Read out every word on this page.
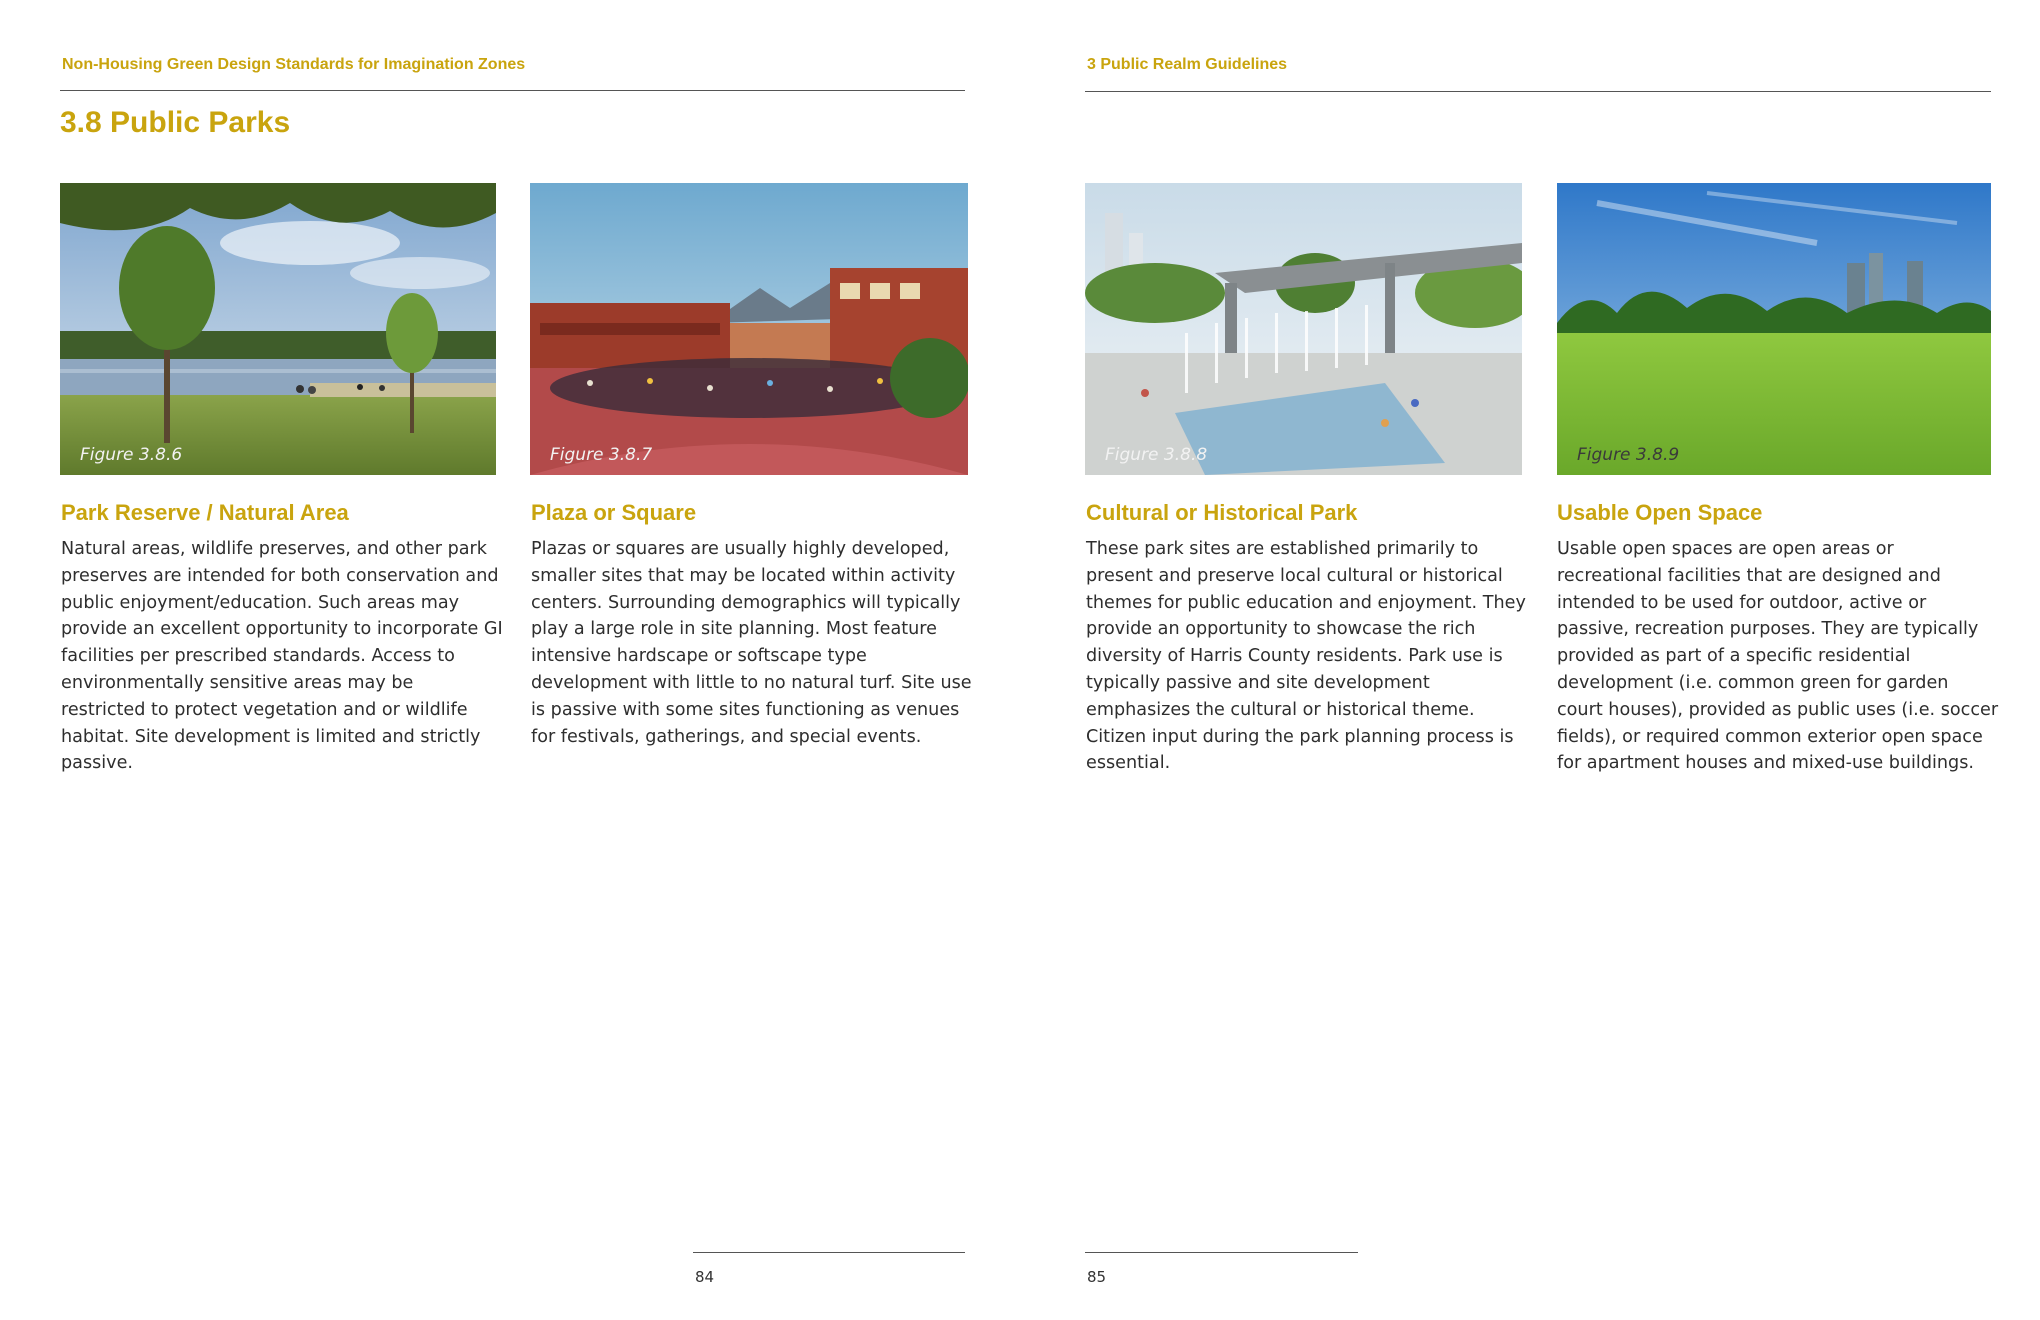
Non-Housing Green Design Standards for Imagination Zones	3 Public Realm Guidelines
3.8 Public Parks
Figure 3.8.6	Figure 3.8.7	Figure 3.8.8	Figure 3.8.9
Park Reserve / Natural Area	Plaza or Square	Cultural or Historical Park	Usable Open Space

Natural areas, wildlife preserves, and other park preserves are intended for both conservation and public enjoyment/education. Such areas may provide an excellent opportunity to incorporate GI facilities per prescribed standards. Access to environmentally sensitive areas may be restricted to protect vegetation and or wildlife habitat. Site development is limited and strictly passive.

Plazas or squares are usually highly developed, smaller sites that may be located within activity centers. Surrounding demographics will typically play a large role in site planning. Most feature intensive hardscape or softscape type development with little to no natural turf. Site use is passive with some sites functioning as venues for festivals, gatherings, and special events.

These park sites are established primarily to present and preserve local cultural or historical themes for public education and enjoyment. They provide an opportunity to showcase the rich diversity of Harris County residents. Park use is typically passive and site development emphasizes the cultural or historical theme. Citizen input during the park planning process is essential.

Usable open spaces are open areas or recreational facilities that are designed and intended to be used for outdoor, active or passive, recreation purposes. They are typically provided as part of a specific residential development (i.e. common green for garden court houses), provided as public uses (i.e. soccer fields), or required common exterior open space for apartment houses and mixed-use buildings.

84	85
